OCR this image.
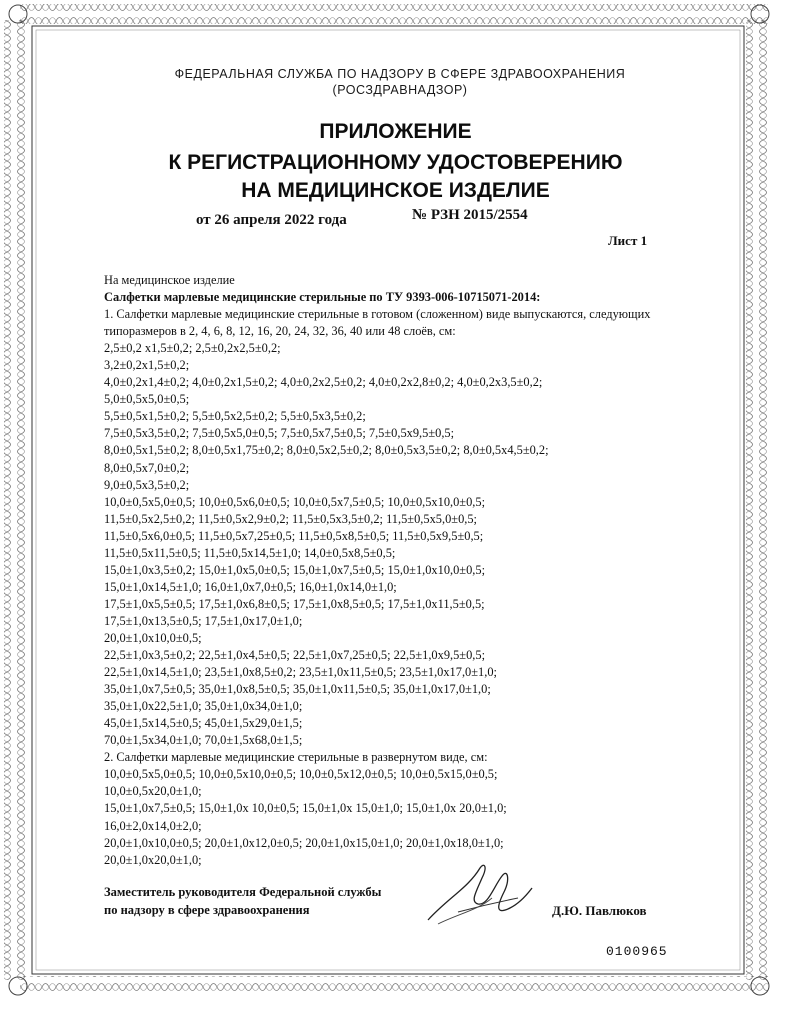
ФЕДЕРАЛЬНАЯ СЛУЖБА ПО НАДЗОРУ В СФЕРЕ ЗДРАВООХРАНЕНИЯ
(РОСЗДРАВНАДЗОР)
ПРИЛОЖЕНИЕ
К РЕГИСТРАЦИОННОМУ УДОСТОВЕРЕНИЮ
НА МЕДИЦИНСКОЕ ИЗДЕЛИЕ
от 26 апреля 2022 года	№ РЗН 2015/2554
Лист 1
На медицинское изделие
Салфетки марлевые медицинские стерильные по ТУ 9393-006-10715071-2014:
1. Салфетки марлевые медицинские стерильные в готовом (сложенном) виде выпускаются, следующих типоразмеров в 2, 4, 6, 8, 12, 16, 20, 24, 32, 36, 40 или 48 слоёв, см:
2,5±0,2 х1,5±0,2; 2,5±0,2х2,5±0,2;
3,2±0,2х1,5±0,2;
4,0±0,2х1,4±0,2; 4,0±0,2х1,5±0,2; 4,0±0,2х2,5±0,2; 4,0±0,2х2,8±0,2; 4,0±0,2х3,5±0,2;
5,0±0,5х5,0±0,5;
5,5±0,5х1,5±0,2; 5,5±0,5х2,5±0,2; 5,5±0,5х3,5±0,2;
7,5±0,5х3,5±0,2; 7,5±0,5х5,0±0,5; 7,5±0,5х7,5±0,5; 7,5±0,5х9,5±0,5;
8,0±0,5х1,5±0,2; 8,0±0,5х1,75±0,2; 8,0±0,5х2,5±0,2; 8,0±0,5х3,5±0,2; 8,0±0,5х4,5±0,2;
8,0±0,5х7,0±0,2;
9,0±0,5х3,5±0,2;
10,0±0,5х5,0±0,5; 10,0±0,5х6,0±0,5; 10,0±0,5х7,5±0,5; 10,0±0,5х10,0±0,5;
11,5±0,5х2,5±0,2; 11,5±0,5х2,9±0,2; 11,5±0,5х3,5±0,2; 11,5±0,5х5,0±0,5;
11,5±0,5х6,0±0,5; 11,5±0,5х7,25±0,5; 11,5±0,5х8,5±0,5; 11,5±0,5х9,5±0,5;
11,5±0,5х11,5±0,5; 11,5±0,5х14,5±1,0; 14,0±0,5х8,5±0,5;
15,0±1,0х3,5±0,2; 15,0±1,0х5,0±0,5; 15,0±1,0х7,5±0,5; 15,0±1,0х10,0±0,5;
15,0±1,0х14,5±1,0; 16,0±1,0х7,0±0,5; 16,0±1,0х14,0±1,0;
17,5±1,0х5,5±0,5; 17,5±1,0х6,8±0,5; 17,5±1,0х8,5±0,5; 17,5±1,0х11,5±0,5;
17,5±1,0х13,5±0,5; 17,5±1,0х17,0±1,0;
20,0±1,0х10,0±0,5;
22,5±1,0х3,5±0,2; 22,5±1,0х4,5±0,5; 22,5±1,0х7,25±0,5; 22,5±1,0х9,5±0,5;
22,5±1,0х14,5±1,0; 23,5±1,0х8,5±0,2; 23,5±1,0х11,5±0,5; 23,5±1,0х17,0±1,0;
35,0±1,0х7,5±0,5; 35,0±1,0х8,5±0,5; 35,0±1,0х11,5±0,5; 35,0±1,0х17,0±1,0;
35,0±1,0х22,5±1,0; 35,0±1,0х34,0±1,0;
45,0±1,5х14,5±0,5; 45,0±1,5х29,0±1,5;
70,0±1,5х34,0±1,0; 70,0±1,5х68,0±1,5;
2. Салфетки марлевые медицинские стерильные в развернутом виде, см:
10,0±0,5х5,0±0,5; 10,0±0,5х10,0±0,5; 10,0±0,5х12,0±0,5; 10,0±0,5х15,0±0,5;
10,0±0,5х20,0±1,0;
15,0±1,0х7,5±0,5; 15,0±1,0х 10,0±0,5; 15,0±1,0х 15,0±1,0; 15,0±1,0х 20,0±1,0;
16,0±2,0х14,0±2,0;
20,0±1,0х10,0±0,5; 20,0±1,0х12,0±0,5; 20,0±1,0х15,0±1,0; 20,0±1,0х18,0±1,0;
20,0±1,0х20,0±1,0;
Заместитель руководителя Федеральной службы
по надзору в сфере здравоохранения	Д.Ю. Павлюков
0100965
